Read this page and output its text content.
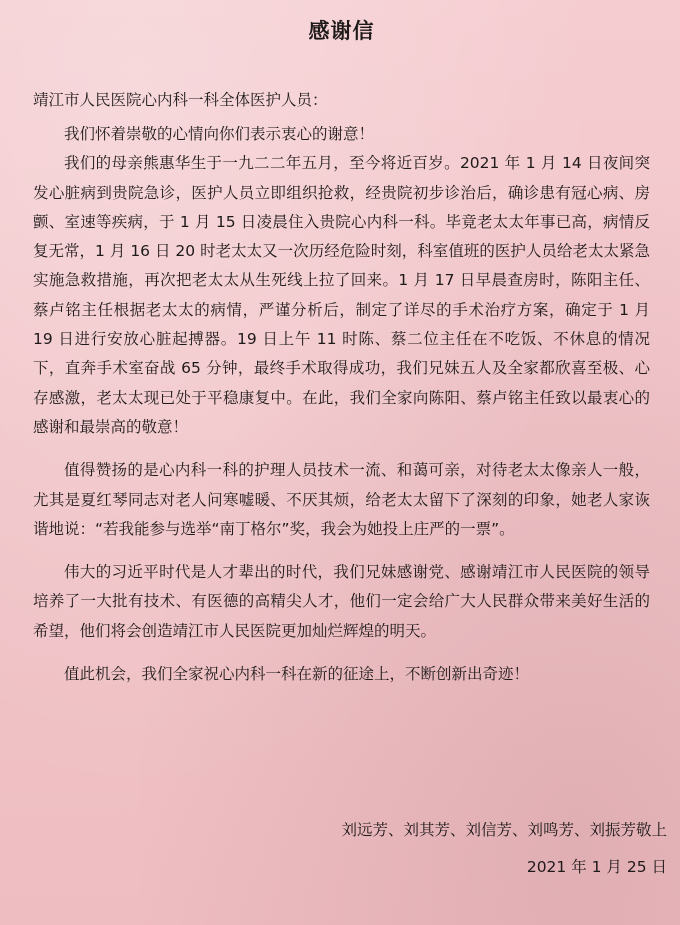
感谢信
靖江市人民医院心内科一科全体医护人员：

我们怀着崇敬的心情向你们表示衷心的谢意！

我们的母亲熊惠华生于一九二二年五月，至今将近百岁。2021 年 1 月 14 日夜间突发心脏病到贵院急诊，医护人员立即组织抢救，经贵院初步诊治后，确诊患有冠心病、房颤、室速等疾病，于 1 月 15 日凌晨住入贵院心内科一科。毕竟老太太年事已高，病情反复无常，1 月 16 日 20 时老太太又一次历经危险时刻，科室值班的医护人员给老太太紧急实施急救措施，再次把老太太从生死线上拉了回来。1 月 17 日早晨查房时，陈阳主任、蔡卢铭主任根据老太太的病情，严谨分析后，制定了详尽的手术治疗方案，确定于 1 月 19 日进行安放心脏起搏器。19 日上午 11 时陈、蔡二位主任在不吃饭、不休息的情况下，直奔手术室奋战 65 分钟，最终手术取得成功，我们兄妹五人及全家都欣喜至极、心存感激，老太太现已处于平稳康复中。在此，我们全家向陈阳、蔡卢铭主任致以最衷心的感谢和最崇高的敬意！

值得赞扬的是心内科一科的护理人员技术一流、和蔼可亲，对待老太太像亲人一般，尤其是夏红琴同志对老人问寒嘘暖、不厌其烦，给老太太留下了深刻的印象，她老人家诙谐地说：“若我能参与选举“南丁格尔”奖，我会为她投上庄严的一票”。

伟大的习近平时代是人才辈出的时代，我们兄妹感谢党、感谢靖江市人民医院的领导培养了一大批有技术、有医德的高精尖人才，他们一定会给广大人民群众带来美好生活的希望，他们将会创造靖江市人民医院更加灿烂辉煌的明天。

值此机会，我们全家祝心内科一科在新的征途上，不断创新出奇迹！

刘远芳、刘其芳、刘信芳、刘鸣芳、刘振芳敬上
2021 年 1 月 25 日
